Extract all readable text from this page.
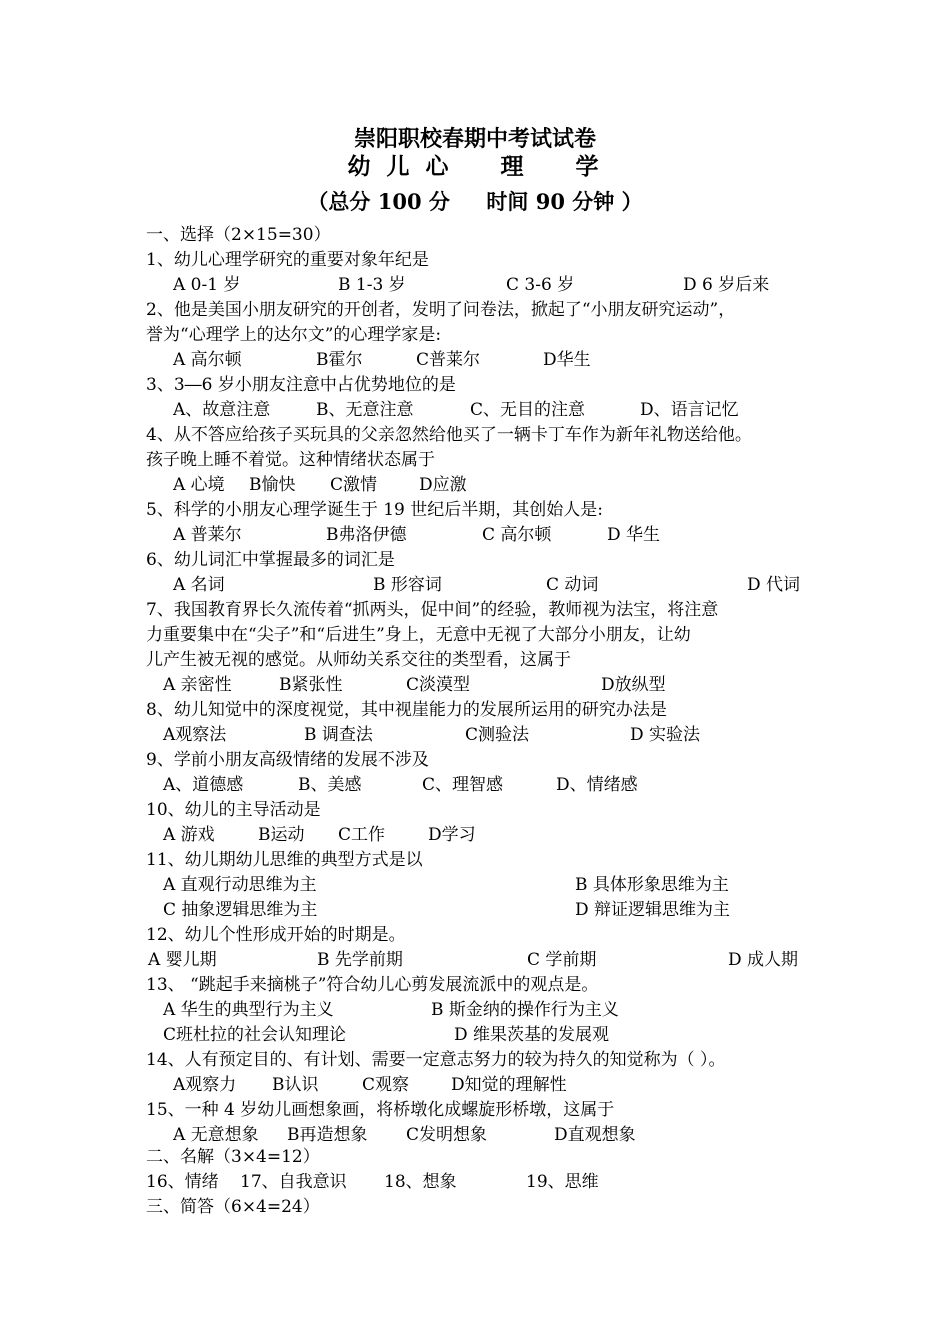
崇阳职校春期中考试试卷
幼 儿 心    理    学
（总分 100 分     时间 90 分钟 ）
一、选择（2×15=30）
1、幼儿心理学研究的重要对象年纪是
A 0-1 岁	B 1-3 岁	C 3-6 岁	D 6 岁后来
2、他是美国小朋友研究的开创者，发明了问卷法，掀起了“小朋友研究运动”，
誉为“心理学上的达尔文”的心理学家是:
A 高尔顿	B霍尔	C普莱尔	D华生
3、3―6 岁小朋友注意中占优势地位的是
A、故意注意	B、无意注意	C、无目的注意	D、语言记忆
4、从不答应给孩子买玩具的父亲忽然给他买了一辆卡丁车作为新年礼物送给他。
孩子晚上睡不着觉。这种情绪状态属于
A 心境 B愉快 C激情 D应激
5、科学的小朋友心理学诞生于 19 世纪后半期，其创始人是:
A 普莱尔	B弗洛伊德	C 高尔顿	D 华生
6、幼儿词汇中掌握最多的词汇是
A 名词	B 形容词	C 动词	D 代词
7、我国教育界长久流传着“抓两头，促中间”的经验，教师视为法宝，将注意
力重要集中在“尖子”和“后进生”身上，无意中无视了大部分小朋友，让幼
儿产生被无视的感觉。从师幼关系交往的类型看，这属于
A 亲密性	B紧张性	C淡漠型	D放纵型
8、幼儿知觉中的深度视觉，其中视崖能力的发展所运用的研究办法是
A观察法	B 调查法	C测验法	D 实验法
9、学前小朋友高级情绪的发展不涉及
A、道德感	B、美感	C、理智感	D、情绪感
10、幼儿的主导活动是
A 游戏	B运动 C工作	D学习
11、幼儿期幼儿思维的典型方式是以
A 直观行动思维为主	B 具体形象思维为主
C 抽象逻辑思维为主	D 辩证逻辑思维为主
12、幼儿个性形成开始的时期是。
A 婴儿期	B 先学前期	C 学前期	D 成人期
13、 “跳起手来摘桃子”符合幼儿心剪发展流派中的观点是。
A 华生的典型行为主义	B 斯金纳的操作行为主义
C班杜拉的社会认知理论	D 维果茨基的发展观
14、人有预定目的、有计划、需要一定意志努力的较为持久的知觉称为（ ）。
A观察力 B认识	C观察 D知觉的理解性
15、一种 4 岁幼儿画想象画，将桥墩化成螺旋形桥墩，这属于
A 无意想象 B再造想象 C发明想象	D直观想象
二、名解（3×4=12）
16、情绪 17、自我意识 18、想象	19、思维
三、简答（6×4=24）
